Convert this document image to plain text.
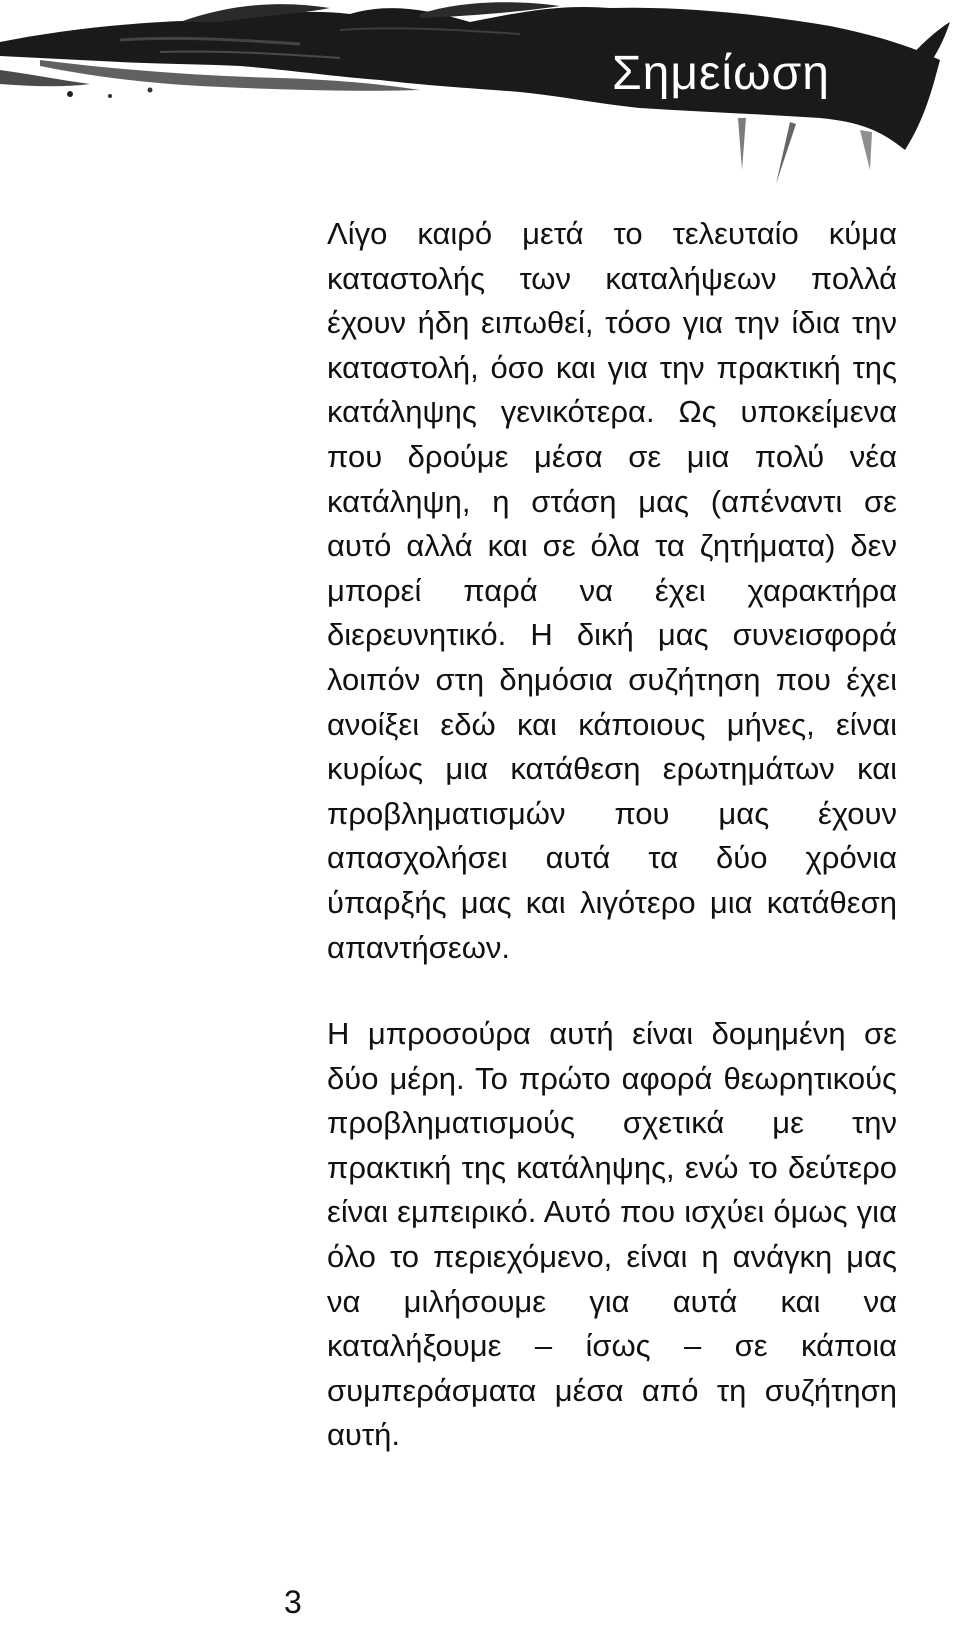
Σημείωση

Λίγο καιρό μετά το τελευταίο κύμα καταστολής των καταλήψεων πολλά έχουν ήδη ειπωθεί, τόσο για την ίδια την καταστολή, όσο και για την πρακτική της κατάληψης γενικότερα. Ως υποκείμενα που δρούμε μέσα σε μια πολύ νέα κατάληψη, η στάση μας (απέναντι σε αυτό αλλά και σε όλα τα ζητήματα) δεν μπορεί παρά να έχει χαρακτήρα διερευνητικό. Η δική μας συνεισφορά λοιπόν στη δημόσια συζήτηση που έχει ανοίξει εδώ και κάποιους μήνες, είναι κυρίως μια κατάθεση ερωτημάτων και προβληματισμών που μας έχουν απασχολήσει αυτά τα δύο χρόνια ύπαρξής μας και λιγότερο μια κατάθεση απαντήσεων.

Η μπροσούρα αυτή είναι δομημένη σε δύο μέρη. Το πρώτο αφορά θεωρητικούς προβληματισμούς σχετικά με την πρακτική της κατάληψης, ενώ το δεύτερο είναι εμπειρικό. Αυτό που ισχύει όμως για όλο το περιεχόμενο, είναι η ανάγκη μας να μιλήσουμε για αυτά και να καταλήξουμε – ίσως – σε κάποια συμπεράσματα μέσα από τη συζήτηση αυτή.

3
